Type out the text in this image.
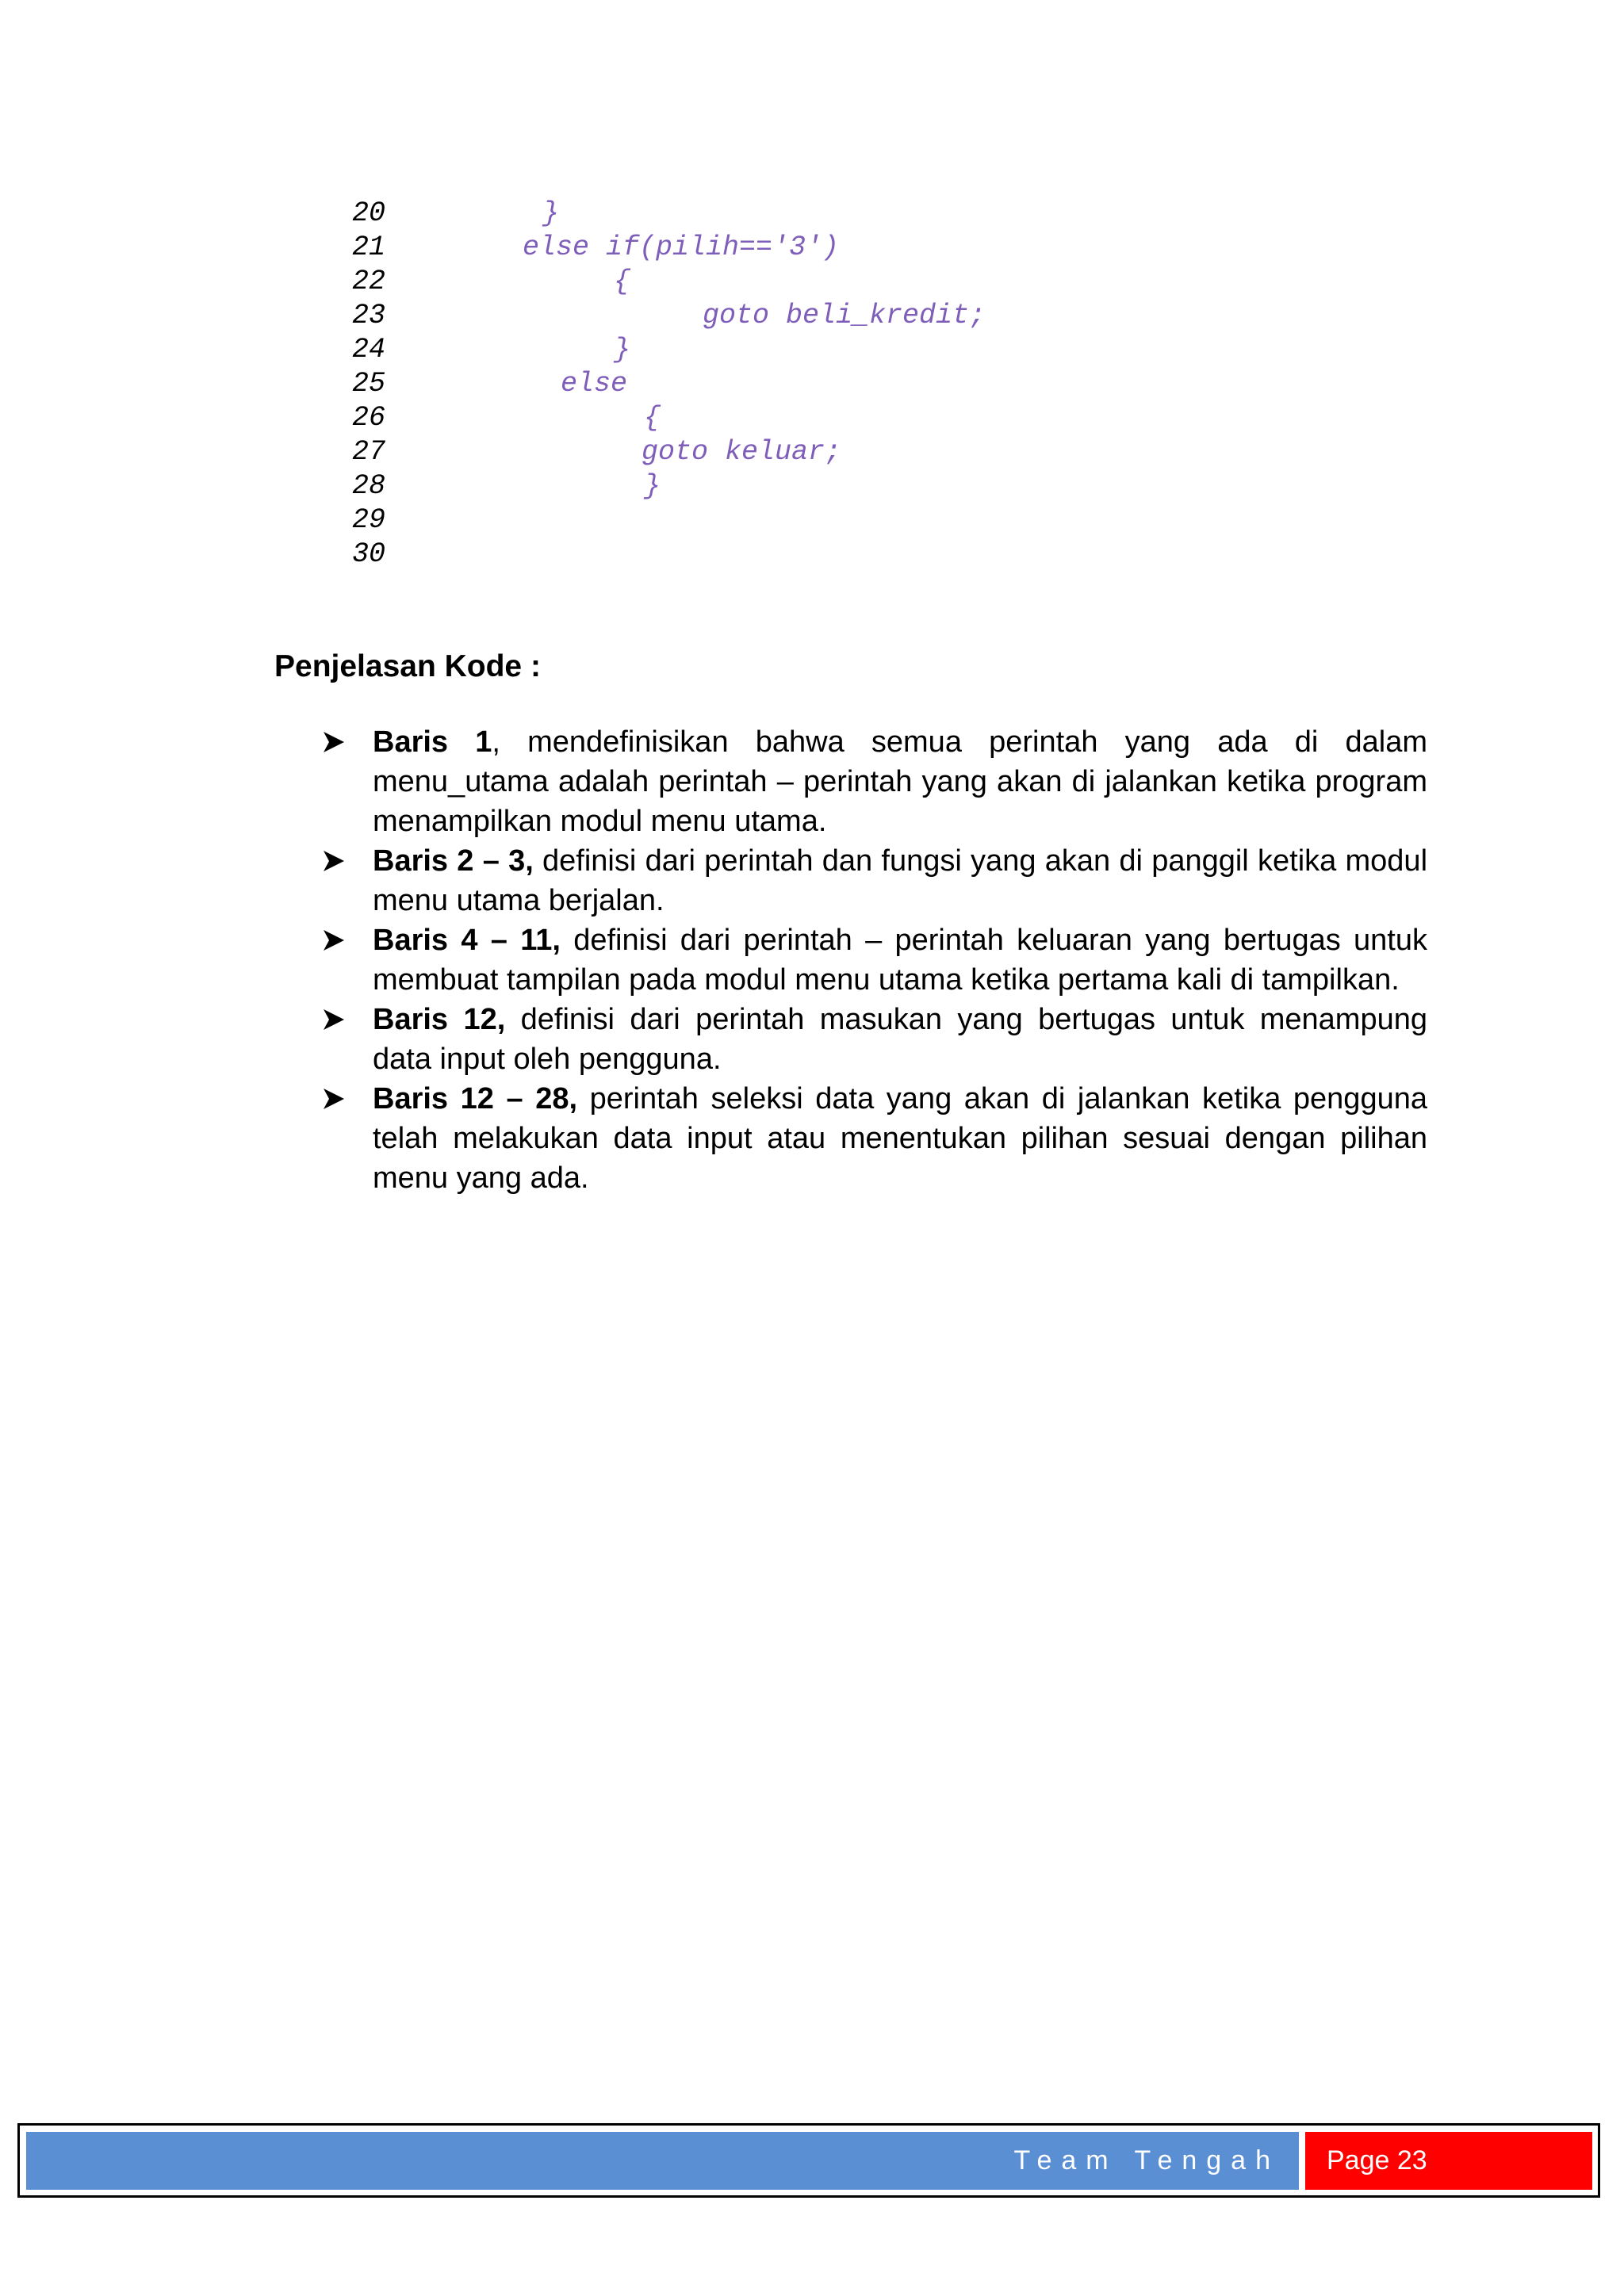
20	}
21	else if(pilih=='3')
22	{
23	goto beli_kredit;
24	}
25	else
26	{
27	goto keluar;
28	}
29
30
Penjelasan Kode :
Baris 1, mendefinisikan bahwa semua perintah yang ada di dalam menu_utama adalah perintah – perintah yang akan di jalankan ketika program menampilkan modul menu utama.
Baris 2 – 3, definisi dari perintah dan fungsi yang akan di panggil ketika modul menu utama berjalan.
Baris 4 – 11, definisi dari perintah – perintah keluaran yang bertugas untuk membuat tampilan pada modul menu utama ketika pertama kali di tampilkan.
Baris 12, definisi dari perintah masukan yang bertugas untuk menampung data input oleh pengguna.
Baris 12 – 28, perintah seleksi data yang akan di jalankan ketika pengguna telah melakukan data input atau menentukan pilihan sesuai dengan pilihan menu yang ada.
Team Tengah	Page 23
